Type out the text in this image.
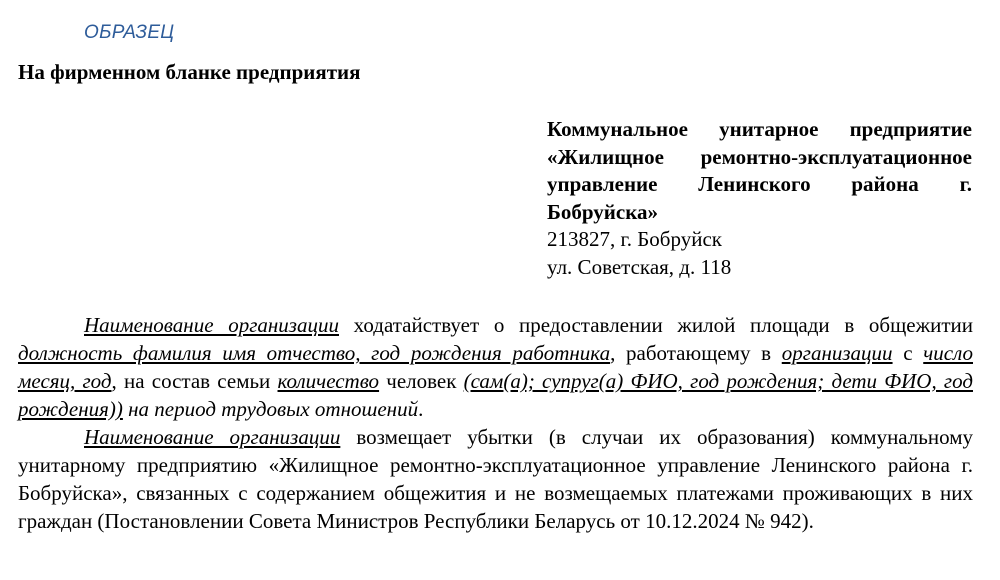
ОБРАЗЕЦ
На фирменном бланке предприятия
Коммунальное унитарное предприятие «Жилищное ремонтно-эксплуатационное управление Ленинского района г. Бобруйска»
213827, г. Бобруйск
ул. Советская, д. 118

Наименование организации ходатайствует о предоставлении жилой площади в общежитии должность фамилия имя отчество, год рождения работника, работающему в организации с число месяц, год, на состав семьи количество человек (сам(а); супруг(а) ФИО, год рождения; дети ФИО, год рождения)) на период трудовых отношений.

Наименование организации возмещает убытки (в случаи их образования) коммунальному унитарному предприятию «Жилищное ремонтно-эксплуатационное управление Ленинского района г. Бобруйска», связанных с содержанием общежития и не возмещаемых платежами проживающих в них граждан (Постановлении Совета Министров Республики Беларусь от 10.12.2024 № 942).
